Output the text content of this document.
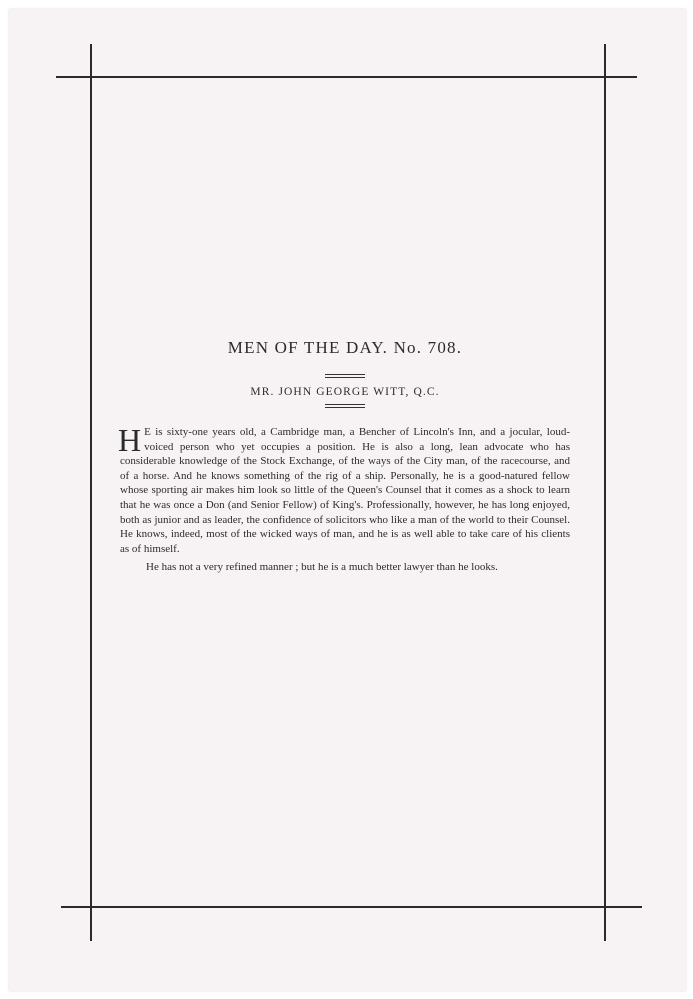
MEN OF THE DAY. No. 708.
MR. JOHN GEORGE WITT, Q.C.

H E is sixty-one years old, a Cambridge man, a Bencher of Lincoln's Inn, and a jocular, loud-voiced person who yet occupies a position. He is also a long, lean advocate who has considerable knowledge of the Stock Exchange, of the ways of the City man, of the racecourse, and of a horse. And he knows something of the rig of a ship. Personally, he is a good-natured fellow whose sporting air makes him look so little of the Queen's Counsel that it comes as a shock to learn that he was once a Don (and Senior Fellow) of King's. Professionally, however, he has long enjoyed, both as junior and as leader, the confidence of solicitors who like a man of the world to their Counsel. He knows, indeed, most of the wicked ways of man, and he is as well able to take care of his clients as of himself.

He has not a very refined manner ; but he is a much better lawyer than he looks.
